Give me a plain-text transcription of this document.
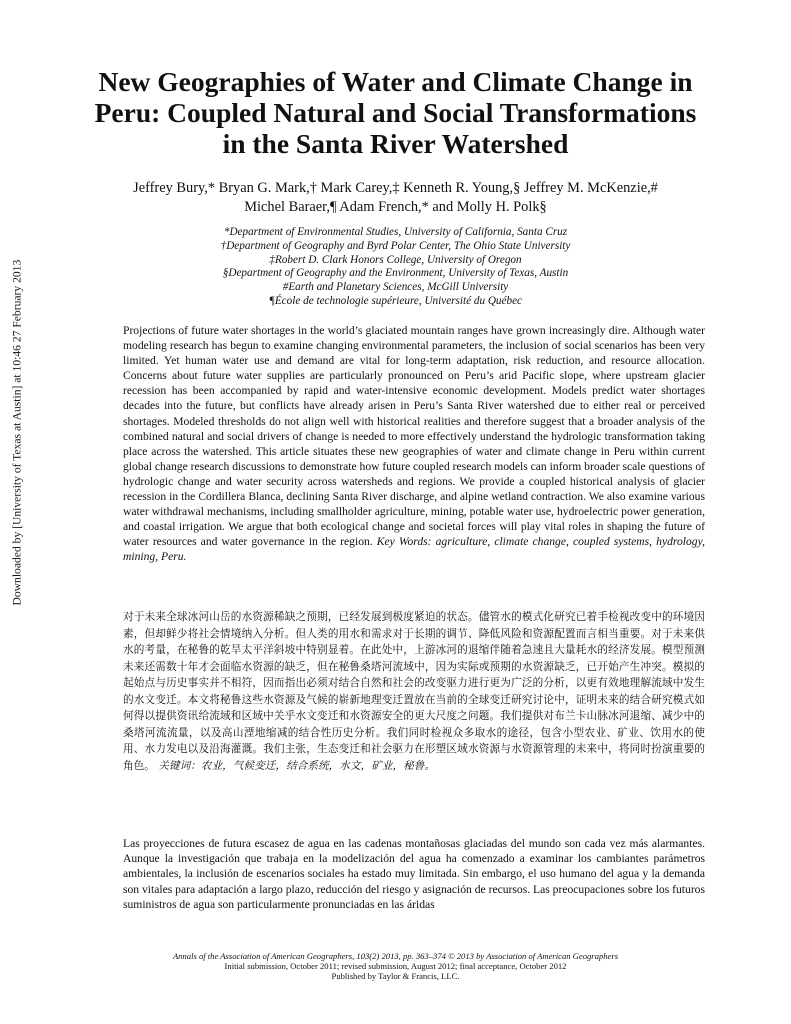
Downloaded by [University of Texas at Austin] at 10:46 27 February 2013
New Geographies of Water and Climate Change in
Peru: Coupled Natural and Social Transformations
in the Santa River Watershed
Jeffrey Bury,* Bryan G. Mark,† Mark Carey,‡ Kenneth R. Young,§ Jeffrey M. McKenzie,#
Michel Baraer,¶ Adam French,* and Molly H. Polk§
*Department of Environmental Studies, University of California, Santa Cruz
†Department of Geography and Byrd Polar Center, The Ohio State University
‡Robert D. Clark Honors College, University of Oregon
§Department of Geography and the Environment, University of Texas, Austin
#Earth and Planetary Sciences, McGill University
¶École de technologie supérieure, Université du Québec

Projections of future water shortages in the world’s glaciated mountain ranges have grown increasingly dire. Although water modeling research has begun to examine changing environmental parameters, the inclusion of social scenarios has been very limited. Yet human water use and demand are vital for long-term adaptation, risk reduction, and resource allocation. Concerns about future water supplies are particularly pronounced on Peru’s arid Pacific slope, where upstream glacier recession has been accompanied by rapid and water-intensive economic development. Models predict water shortages decades into the future, but conflicts have already arisen in Peru’s Santa River watershed due to either real or perceived shortages. Modeled thresholds do not align well with historical realities and therefore suggest that a broader analysis of the combined natural and social drivers of change is needed to more effectively understand the hydrologic transformation taking place across the watershed. This article situates these new geographies of water and climate change in Peru within current global change research discussions to demonstrate how future coupled research models can inform broader scale questions of hydrologic change and water security across watersheds and regions. We provide a coupled historical analysis of glacier recession in the Cordillera Blanca, declining Santa River discharge, and alpine wetland contraction. We also examine various water withdrawal mechanisms, including smallholder agriculture, mining, potable water use, hydroelectric power generation, and coastal irrigation. We argue that both ecological change and societal forces will play vital roles in shaping the future of water resources and water governance in the region. Key Words: agriculture, climate change, coupled systems, hydrology, mining, Peru.

对于未来全球冰河山岳的水资源稀缺之预期，已经发展到极度紧迫的状态。儘管水的模式化研究已着手检视改变中的环境因素，但却鲜少将社会情境纳入分析。但人类的用水和需求对于长期的调节、降低风险和资源配置而言相当重要。对于未来供水的考量，在秘鲁的乾旱太平洋斜坡中特别显着。在此处中，上游冰河的退缩伴随着急速且大量耗水的经济发展。模型预测未来还需数十年才会面临水资源的缺乏，但在秘鲁桑塔河流域中，因为实际或预期的水资源缺乏，已开始产生冲突。模拟的起始点与历史事实并不相符，因而指出必须对结合自然和社会的改变驱力进行更为广泛的分析，以更有效地理解流域中发生的水文变迁。本文将秘鲁这些水资源及气候的崭新地理变迁置放在当前的全球变迁研究讨论中，证明未来的结合研究模式如何得以提供资讯给流域和区域中关乎水文变迁和水资源安全的更大尺度之问题。我们提供对布兰卡山脉冰河退缩、减少中的桑塔河流流量，以及高山湮地缩减的结合性历史分析。我们同时检视众多取水的途径，包含小型农业、矿业、饮用水的使用、水力发电以及沿海灌溉。我们主张，生态变迁和社会驱力在形塑区域水资源与水资源管理的未来中，将同时扮演重要的角色。 关键词：农业，气候变迁，结合系统，水文，矿业，秘鲁。

Las proyecciones de futura escasez de agua en las cadenas montañosas glaciadas del mundo son cada vez más alarmantes. Aunque la investigación que trabaja en la modelización del agua ha comenzado a examinar los cambiantes parámetros ambientales, la inclusión de escenarios sociales ha estado muy limitada. Sin embargo, el uso humano del agua y la demanda son vitales para adaptación a largo plazo, reducción del riesgo y asignación de recursos. Las preocupaciones sobre los futuros suministros de agua son particularmente pronunciadas en las áridas

Annals of the Association of American Geographers, 103(2) 2013, pp. 363–374 © 2013 by Association of American Geographers
Initial submission, October 2011; revised submission, August 2012; final acceptance, October 2012
Published by Taylor & Francis, LLC.
